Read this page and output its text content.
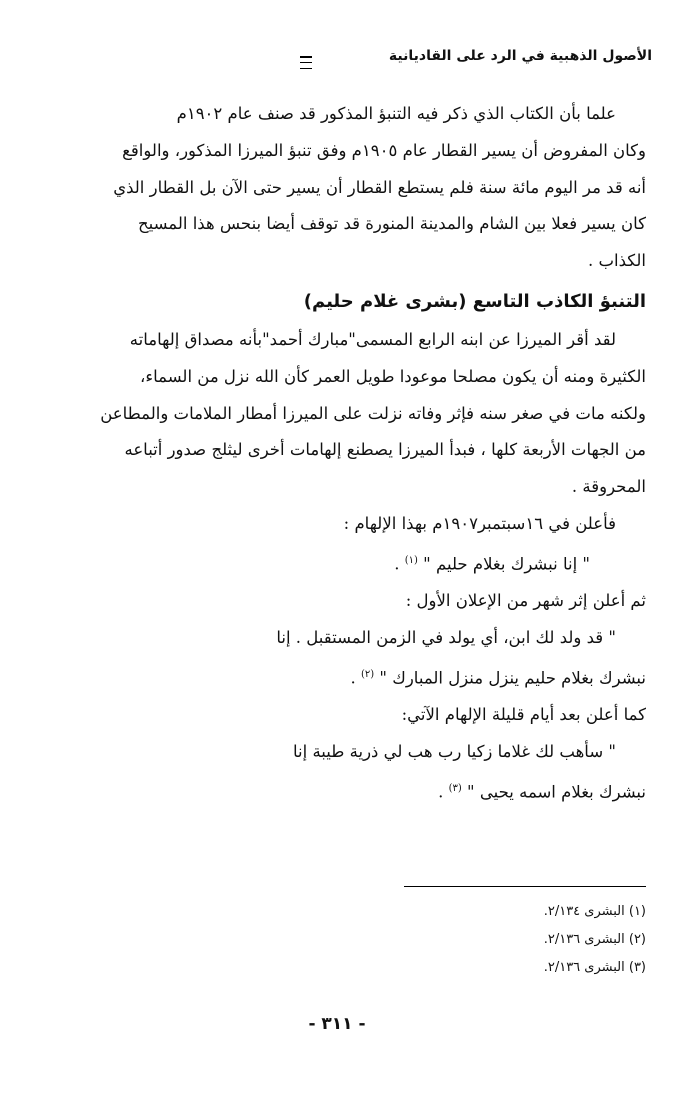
الأصول الذهبية في الرد على القاديانية

علما بأن الكتاب الذي ذكر فيه التنبؤ المذكور قد صنف عام ١٩٠٢م

وكان المفروض أن يسير القطار عام ١٩٠٥م وفق تنبؤ الميرزا المذكور، والواقع

أنه قد مر اليوم مائة سنة فلم يستطع القطار أن يسير حتى الآن بل القطار الذي

كان يسير فعلا بين الشام والمدينة المنورة قد توقف أيضا بنحس هذا المسيح

الكذاب .

التنبؤ الكاذب التاسع (بشرى غلام حليم)

لقد أقر الميرزا عن ابنه الرابع المسمى"مبارك أحمد"بأنه مصداق إلهاماته

الكثيرة ومنه أن يكون مصلحا موعودا طويل العمر كأن الله نزل من السماء،

ولكنه مات في صغر سنه فإثر وفاته نزلت على الميرزا أمطار الملامات والمطاعن

من الجهات الأربعة كلها ، فبدأ الميرزا يصطنع إلهامات أخرى ليثلج صدور أتباعه

المحروقة .

فأعلن في ١٦سبتمبر١٩٠٧م بهذا الإلهام :

" إنا نبشرك بغلام حليم " $^{(١)}$ .

ثم أعلن إثر شهر من الإعلان الأول :

" قد ولد لك ابن، أي يولد في الزمن المستقبل . إنا

نبشرك بغلام حليم ينزل منزل المبارك " $^{(٢)}$ .

كما أعلن بعد أيام قليلة الإلهام الآتي:

" سأهب لك غلاما زكيا رب هب لي ذرية طيبة إنا

نبشرك بغلام اسمه يحيى " $^{(٣)}$ .

(١) البشرى ٢/١٣٤.
(٢) البشرى ٢/١٣٦.
(٣) البشرى ٢/١٣٦.
- ٣١١ -
